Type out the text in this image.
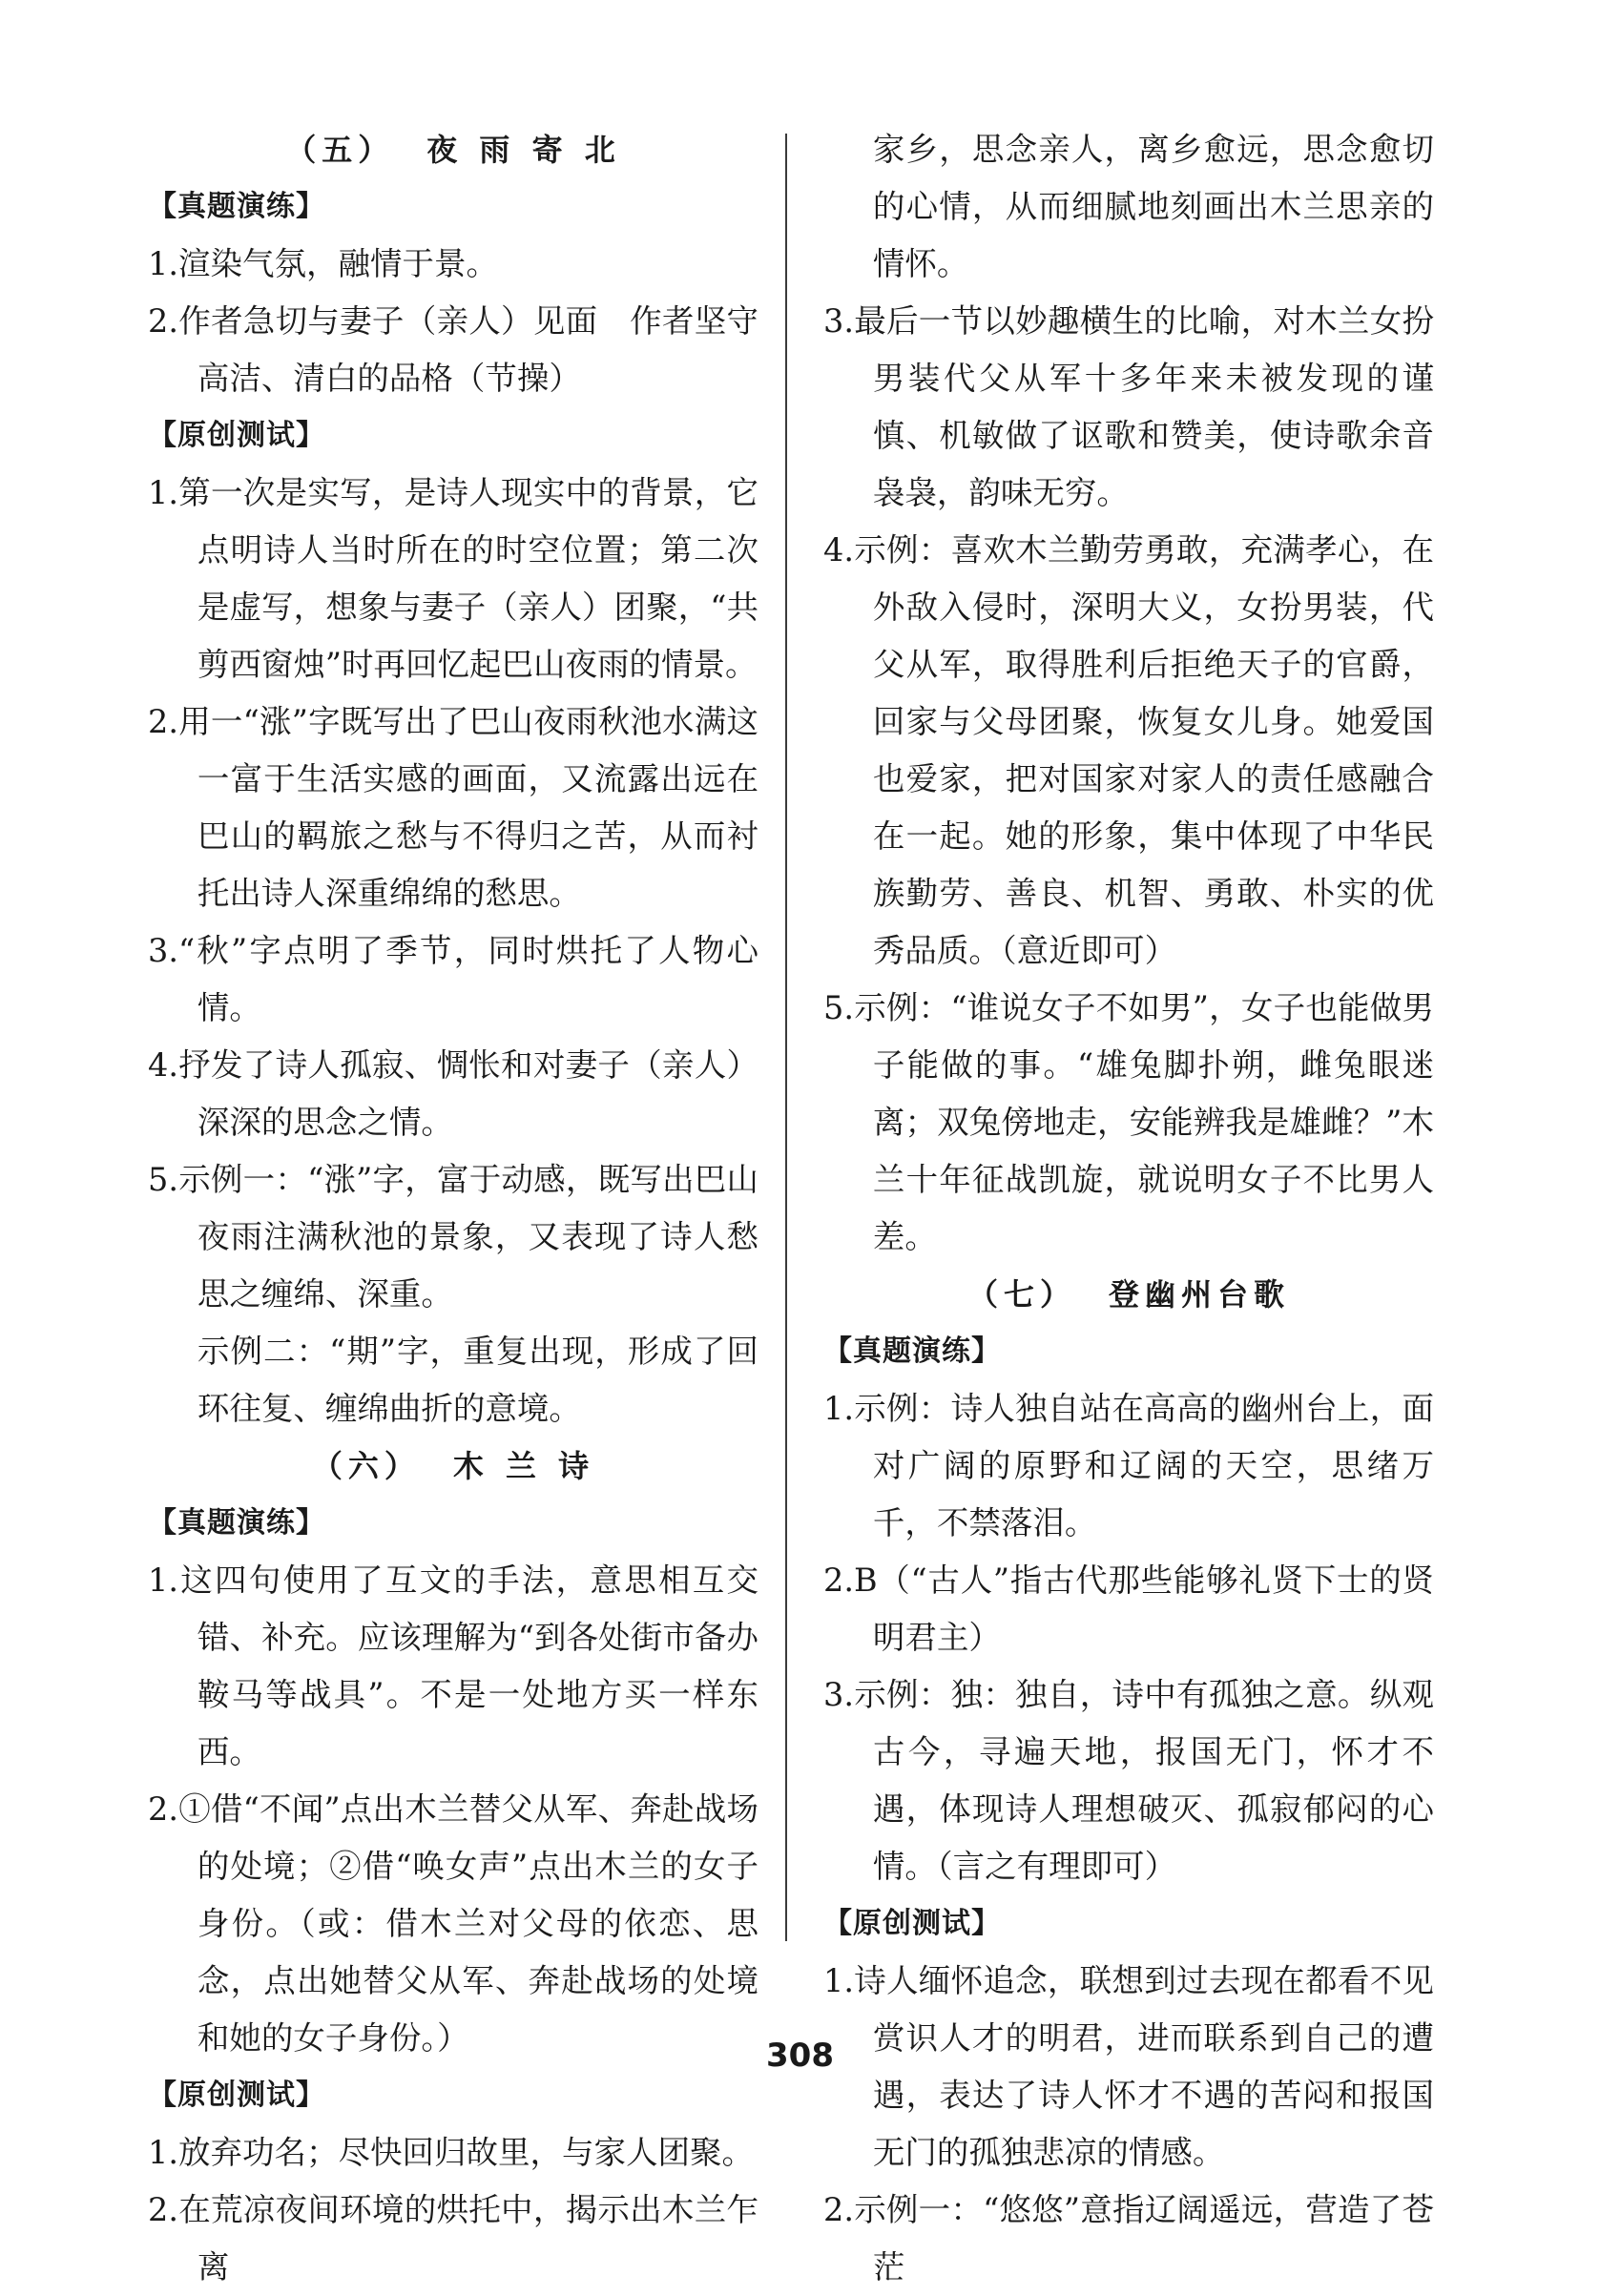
（五） 夜 雨 寄 北
【真题演练】
1.渲染气氛，融情于景。
2.作者急切与妻子（亲人）见面　作者坚守高洁、清白的品格（节操）
【原创测试】
1.第一次是实写，是诗人现实中的背景，它点明诗人当时所在的时空位置；第二次是虚写，想象与妻子（亲人）团聚，“共剪西窗烛”时再回忆起巴山夜雨的情景。
2.用一“涨”字既写出了巴山夜雨秋池水满这一富于生活实感的画面，又流露出远在巴山的羁旅之愁与不得归之苦，从而衬托出诗人深重绵绵的愁思。
3.“秋”字点明了季节，同时烘托了人物心情。
4.抒发了诗人孤寂、惆怅和对妻子（亲人）深深的思念之情。
5.示例一：“涨”字，富于动感，既写出巴山夜雨注满秋池的景象，又表现了诗人愁思之缠绵、深重。
示例二：“期”字，重复出现，形成了回环往复、缠绵曲折的意境。
（六） 木 兰 诗
【真题演练】
1.这四句使用了互文的手法，意思相互交错、补充。应该理解为“到各处街市备办鞍马等战具”。不是一处地方买一样东西。
2.①借“不闻”点出木兰替父从军、奔赴战场的处境；②借“唤女声”点出木兰的女子身份。（或：借木兰对父母的依恋、思念，点出她替父从军、奔赴战场的处境和她的女子身份。）
【原创测试】
1.放弃功名；尽快回归故里，与家人团聚。
2.在荒凉夜间环境的烘托中，揭示出木兰乍离
家乡，思念亲人，离乡愈远，思念愈切的心情，从而细腻地刻画出木兰思亲的情怀。
3.最后一节以妙趣横生的比喻，对木兰女扮男装代父从军十多年来未被发现的谨慎、机敏做了讴歌和赞美，使诗歌余音袅袅，韵味无穷。
4.示例：喜欢木兰勤劳勇敢，充满孝心，在外敌入侵时，深明大义，女扮男装，代父从军，取得胜利后拒绝天子的官爵，回家与父母团聚，恢复女儿身。她爱国也爱家，把对国家对家人的责任感融合在一起。她的形象，集中体现了中华民族勤劳、善良、机智、勇敢、朴实的优秀品质。（意近即可）
5.示例：“谁说女子不如男”，女子也能做男子能做的事。“雄兔脚扑朔，雌兔眼迷离；双兔傍地走，安能辨我是雄雌？”木兰十年征战凯旋，就说明女子不比男人差。
（七） 登幽州台歌
【真题演练】
1.示例：诗人独自站在高高的幽州台上，面对广阔的原野和辽阔的天空，思绪万千，不禁落泪。
2.B（“古人”指古代那些能够礼贤下士的贤明君主）
3.示例：独：独自，诗中有孤独之意。纵观古今，寻遍天地，报国无门，怀才不遇，体现诗人理想破灭、孤寂郁闷的心情。（言之有理即可）
【原创测试】
1.诗人缅怀追念，联想到过去现在都看不见赏识人才的明君，进而联系到自己的遭遇，表达了诗人怀才不遇的苦闷和报国无门的孤独悲凉的情感。
2.示例一：“悠悠”意指辽阔遥远，营造了苍茫
308
